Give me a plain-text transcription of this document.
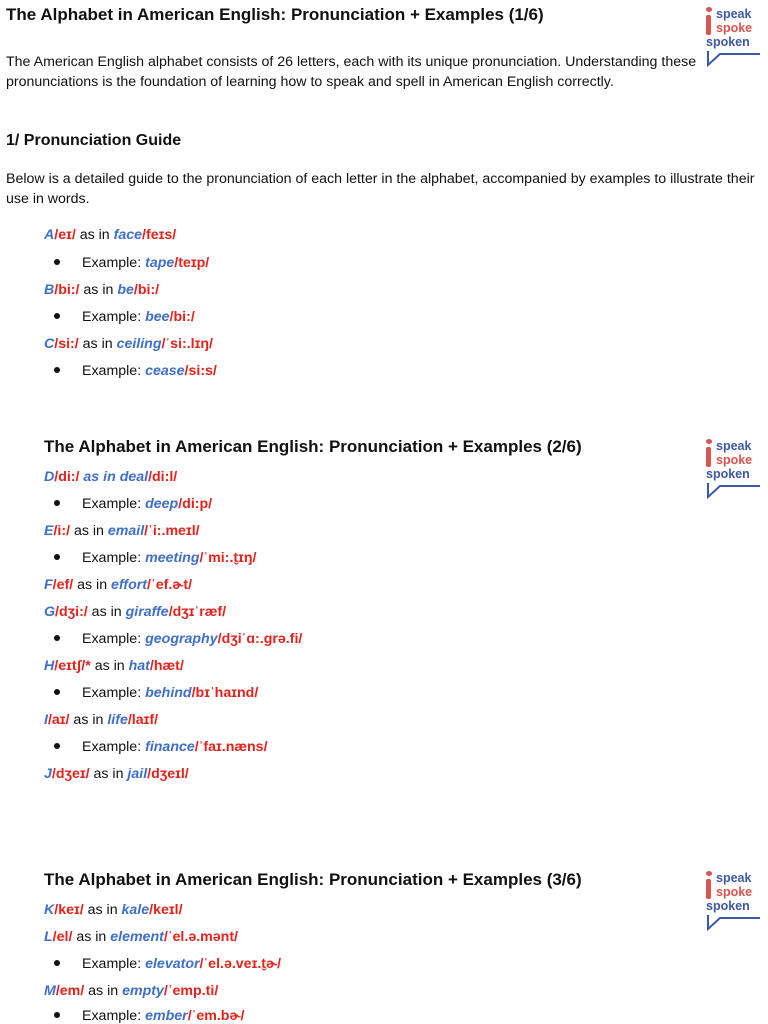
The Alphabet in American English: Pronunciation + Examples (1/6)	speak
spoke
spoken
The American English alphabet consists of 26 letters, each with its unique pronunciation. Understanding these pronunciations is the foundation of learning how to speak and spell in American English correctly.
1/ Pronunciation Guide
Below is a detailed guide to the pronunciation of each letter in the alphabet, accompanied by examples to illustrate their use in words.
A/eɪ/ as in face/feɪs/
Example: tape/teɪp/
B/bi:/ as in be/bi:/
Example: bee/bi:/
C/si:/ as in ceiling/ˈsi:.lɪŋ/
Example: cease/si:s/
The Alphabet in American English: Pronunciation + Examples (2/6)	speak
spoke
spoken
D/di:/ as in deal/di:l/
Example: deep/di:p/
E/i:/ as in email/ˈi:.meɪl/
Example: meeting/ˈmi:.t̬ɪŋ/
F/ef/ as in effort/ˈef.ɚt/
G/dʒi:/ as in giraffe/dʒɪˈræf/
Example: geography/dʒiˈɑ:.grə.fi/
H/eɪtʃ/* as in hat/hæt/
Example: behind/bɪˈhaɪnd/
I/aɪ/ as in life/laɪf/
Example: finance/ˈfaɪ.næns/
J/dʒeɪ/ as in jail/dʒeɪl/
The Alphabet in American English: Pronunciation + Examples (3/6)	speak
spoke
spoken
K/keɪ/ as in kale/keɪl/
L/el/ as in element/ˈel.ə.mənt/
Example: elevator/ˈel.ə.veɪ.t̬ɚ/
M/em/ as in empty/ˈemp.ti/
Example: ember/ˈem.bɚ/
